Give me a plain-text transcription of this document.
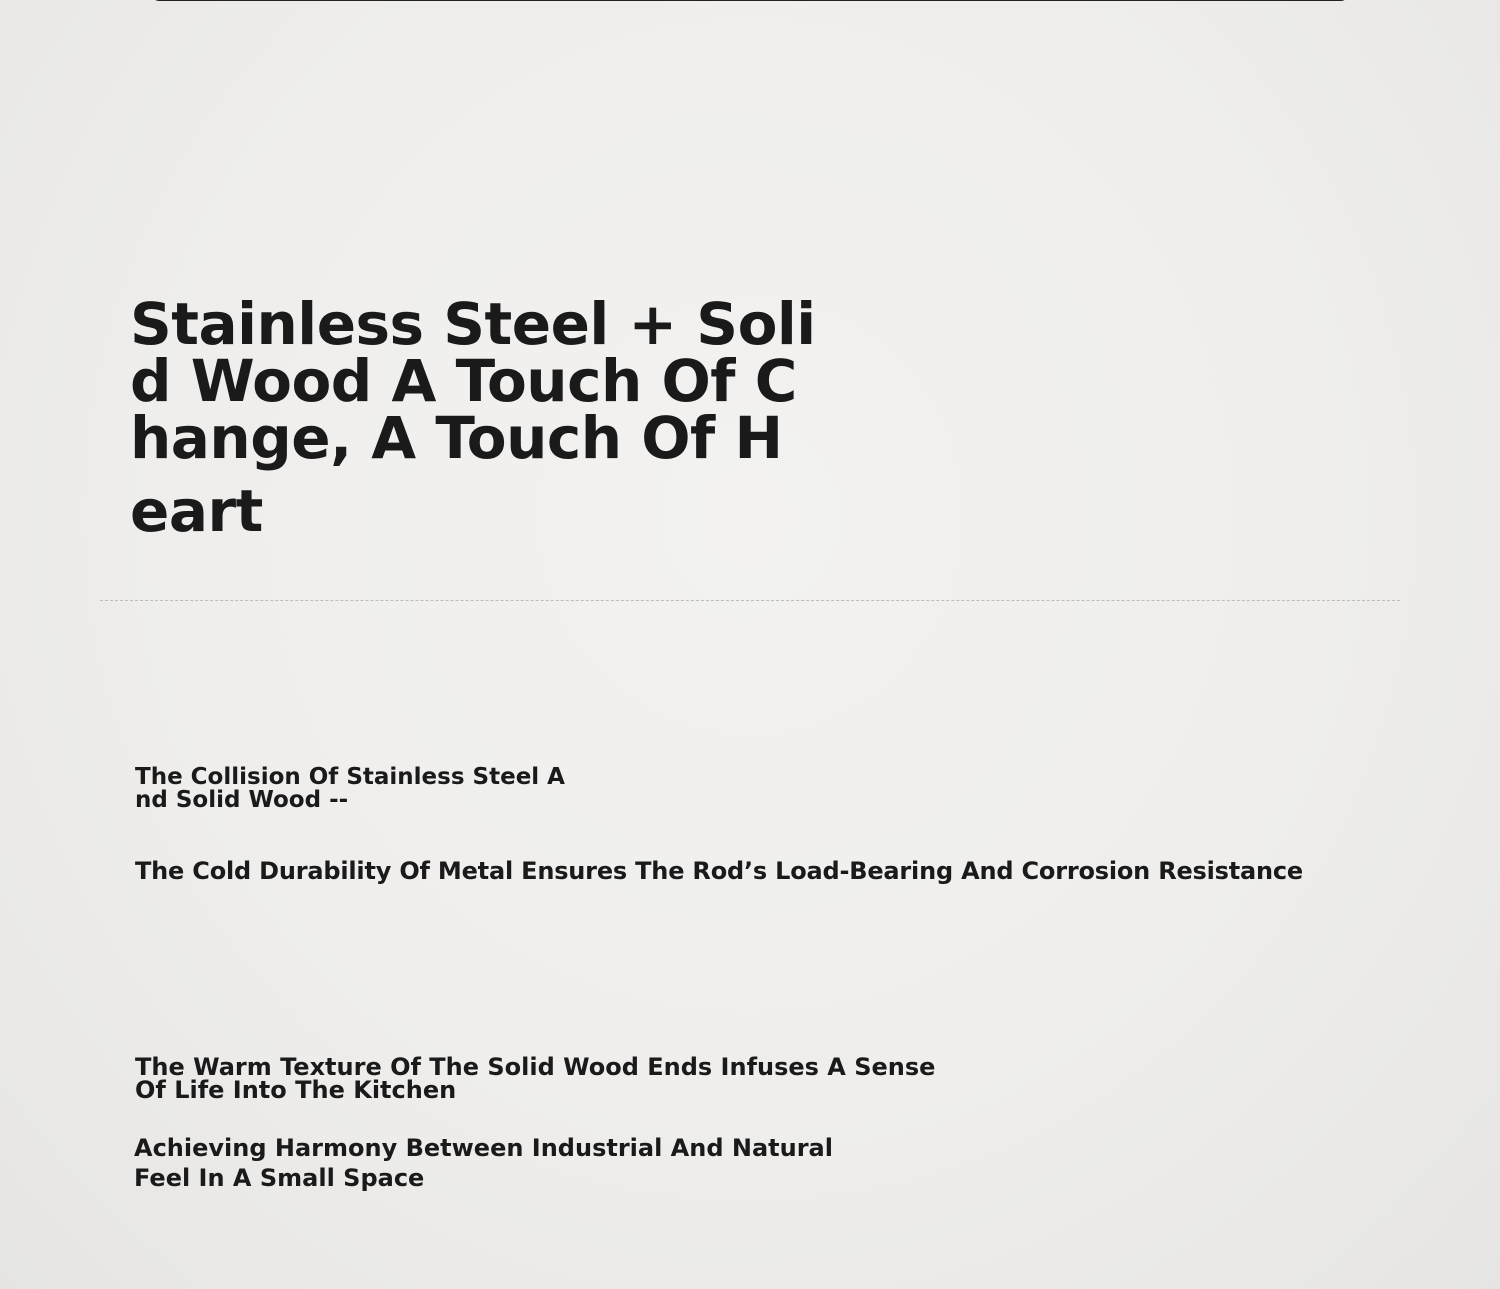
Stainless Steel + Solid Wood A Touch Of Change, A Touch Of H
eart
The Collision Of Stainless Steel And Solid Wood --

The Cold Durability Of Metal Ensures The Rod’s Load-Bearing And Corrosion Resistance

The Warm Texture Of The Solid Wood Ends Infuses A Sense Of Life Into The Kitchen

Achieving Harmony Between Industrial And Natural Feel In A Small Space
